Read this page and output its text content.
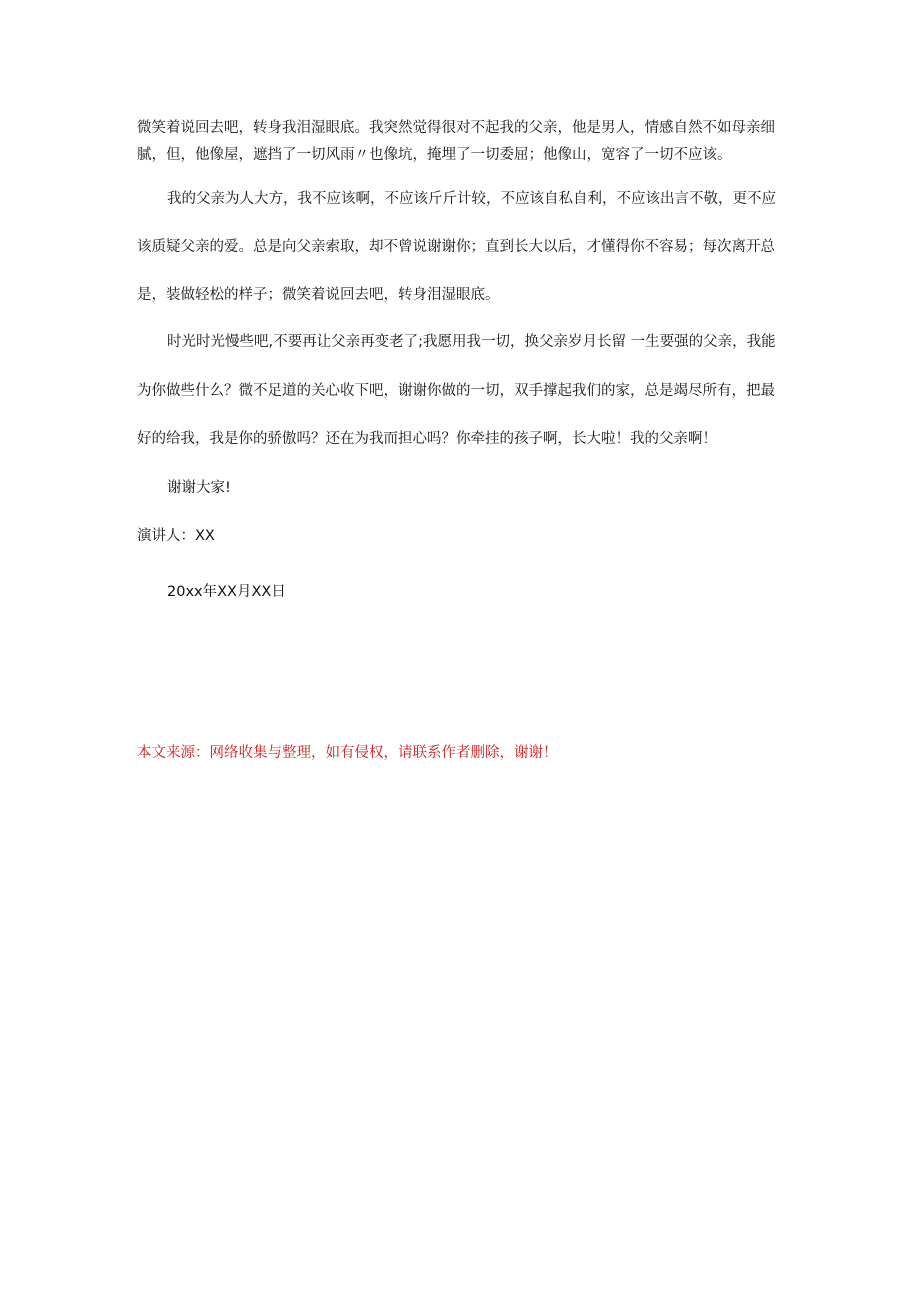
微笑着说回去吧，转身我泪湿眼底。我突然觉得很对不起我的父亲，他是男人，情感自然不如母亲细
腻，但，他像屋，遮挡了一切风雨〃也像坑，掩埋了一切委屈；他像山，宽容了一切不应该。
我的父亲为人大方，我不应该啊，不应该斤斤计较，不应该自私自利，不应该出言不敬，更不应
该质疑父亲的爱。总是向父亲索取，却不曾说谢谢你；直到长大以后，才懂得你不容易；每次离开总
是，装做轻松的样子；微笑着说回去吧，转身泪湿眼底。
时光时光慢些吧,不要再让父亲再变老了;我愿用我一切，换父亲岁月长留 一生要强的父亲，我能
为你做些什么？微不足道的关心收下吧，谢谢你做的一切，双手撑起我们的家，总是竭尽所有，把最
好的给我，我是你的骄傲吗？还在为我而担心吗？你牵挂的孩子啊，长大啦！我的父亲啊！
谢谢大家!
演讲人：XX
20xx年XX月XX日
本文来源：网络收集与整理，如有侵权，请联系作者删除，谢谢！
